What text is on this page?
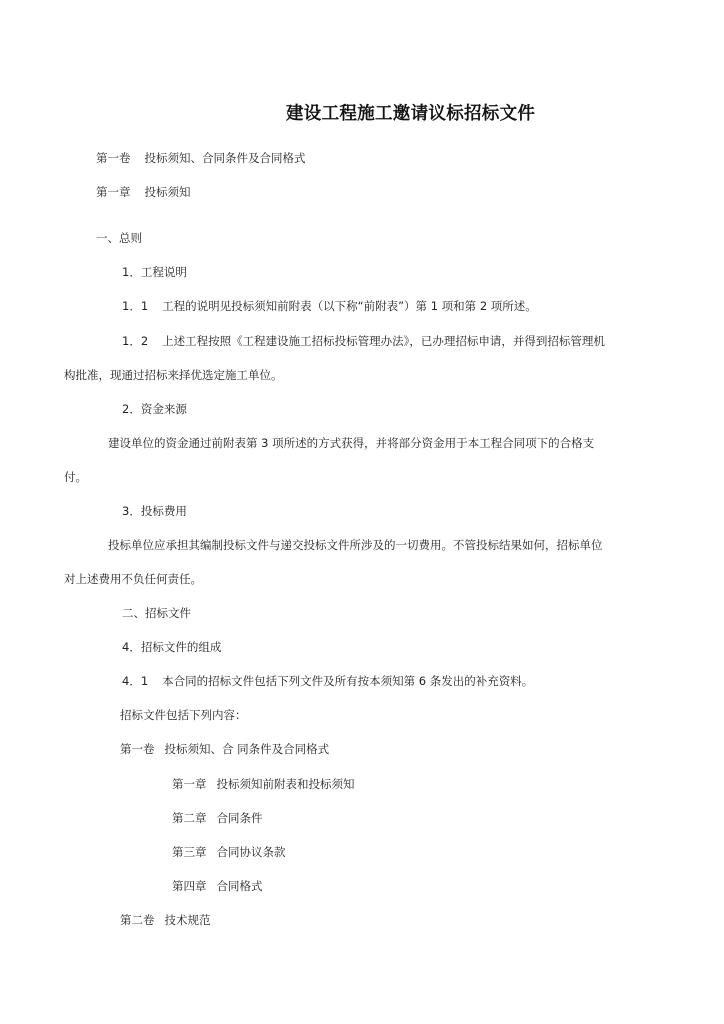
建设工程施工邀请议标招标文件
第一卷 投标须知、合同条件及合同格式
第一章 投标须知
一、总则
1．工程说明
1．1 工程的说明见投标须知前附表（以下称“前附表”）第 1 项和第 2 项所述。
1．2 上述工程按照《工程建设施工招标投标管理办法》，已办理招标申请，并得到招标管理机
构批准，现通过招标来择优选定施工单位。
2．资金来源
建设单位的资金通过前附表第 3 项所述的方式获得，并将部分资金用于本工程合同项下的合格支
付。
3．投标费用
投标单位应承担其编制投标文件与递交投标文件所涉及的一切费用。不管投标结果如何，招标单位
对上述费用不负任何责任。
二、招标文件
4．招标文件的组成
4．1 本合同的招标文件包括下列文件及所有按本须知第 6 条发出的补充资料。
招标文件包括下列内容：
第一卷 投标须知、合 同条件及合同格式
第一章 投标须知前附表和投标须知
第二章 合同条件
第三章 合同协议条款
第四章 合同格式
第二卷 技术规范
